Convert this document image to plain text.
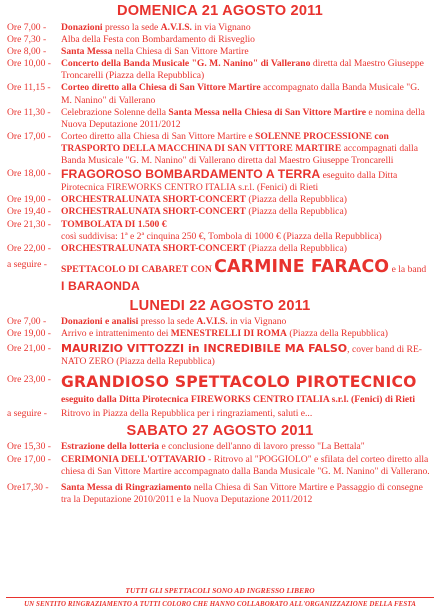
DOMENICA 21 AGOSTO 2011
Ore 7,00 -	Donazioni presso la sede A.V.I.S. in via Vignano
Ore 7,30 -	Alba della Festa con Bombardamento di Risveglio
Ore 8,00 -	Santa Messa nella Chiesa di San Vittore Martire
Ore 10,00 -	Concerto della Banda Musicale "G. M. Nanino" di Vallerano diretta dal Maestro Giuseppe Troncarelli (Piazza della Repubblica)
Ore 11,15 -	Corteo diretto alla Chiesa di San Vittore Martire accompagnato dalla Banda Musicale "G. M. Nanino" di Vallerano
Ore 11,30 -	Celebrazione Solenne della Santa Messa nella Chiesa di San Vittore Martire e nomina della Nuova Deputazione 2011/2012
Ore 17,00 -	Corteo diretto alla Chiesa di San Vittore Martire e SOLENNE PROCESSIONE con TRASPORTO DELLA MACCHINA DI SAN VITTORE MARTIRE accompagnati dalla Banda Musicale "G. M. Nanino" di Vallerano diretta dal Maestro Giuseppe Troncarelli
Ore 18,00 - FRAGOROSO BOMBARDAMENTO A TERRA eseguito dalla Ditta Pirotecnica FIREWORKS CENTRO ITALIA s.r.l. (Fenici) di Rieti
Ore 19,00 -	ORCHESTRALUNATA SHORT-CONCERT (Piazza della Repubblica)
Ore 19,40 -	ORCHESTRALUNATA SHORT-CONCERT (Piazza della Repubblica)
Ore 21,30 -	TOMBOLATA DI 1.500 €
così suddivisa: 1ª e 2ª cinquina 250 €, Tombola di 1000 € (Piazza della Repubblica)
Ore 22,00 -	ORCHESTRALUNATA SHORT-CONCERT (Piazza della Repubblica)
a seguire -	SPETTACOLO DI CABARET CON CARMINE FARACO e la band I BARAONDA
LUNEDI 22 AGOSTO 2011
Ore 7,00 -	Donazioni e analisi presso la sede A.V.I.S. in via Vignano
Ore 19,00 -	Arrivo e intrattenimento dei MENESTRELLI DI ROMA (Piazza della Repubblica)
Ore 21,00 - MAURIZIO VITTOZZI in INCREDIBILE MA FALSO, cover band di RE-NATO ZERO (Piazza della Repubblica)
Ore 23,00 - GRANDIOSO SPETTACOLO PIROTECNICO
eseguito dalla Ditta Pirotecnica FIREWORKS CENTRO ITALIA s.r.l. (Fenici) di Rieti
a seguire -	Ritrovo in Piazza della Repubblica per i ringraziamenti, saluti e...
SABATO 27 AGOSTO 2011
Ore 15,30 -	Estrazione della lotteria e conclusione dell'anno di lavoro presso "La Bettala"
Ore 17,00 -	CERIMONIA DELL'OTTAVARIO - Ritrovo al "POGGIOLO" e sfilata del corteo diretto alla chiesa di San Vittore Martire accompagnato dalla Banda Musicale "G. M. Nanino" di Vallerano.
Ore17,30 -	Santa Messa di Ringraziamento nella Chiesa di San Vittore Martire e Passaggio di consegne tra la Deputazione 2010/2011 e la Nuova Deputazione 2011/2012
TUTTI GLI SPETTACOLI SONO AD INGRESSO LIBERO
UN SENTITO RINGRAZIAMENTO A TUTTI COLORO CHE HANNO COLLABORATO ALL'ORGANIZZAZIONE DELLA FESTA
